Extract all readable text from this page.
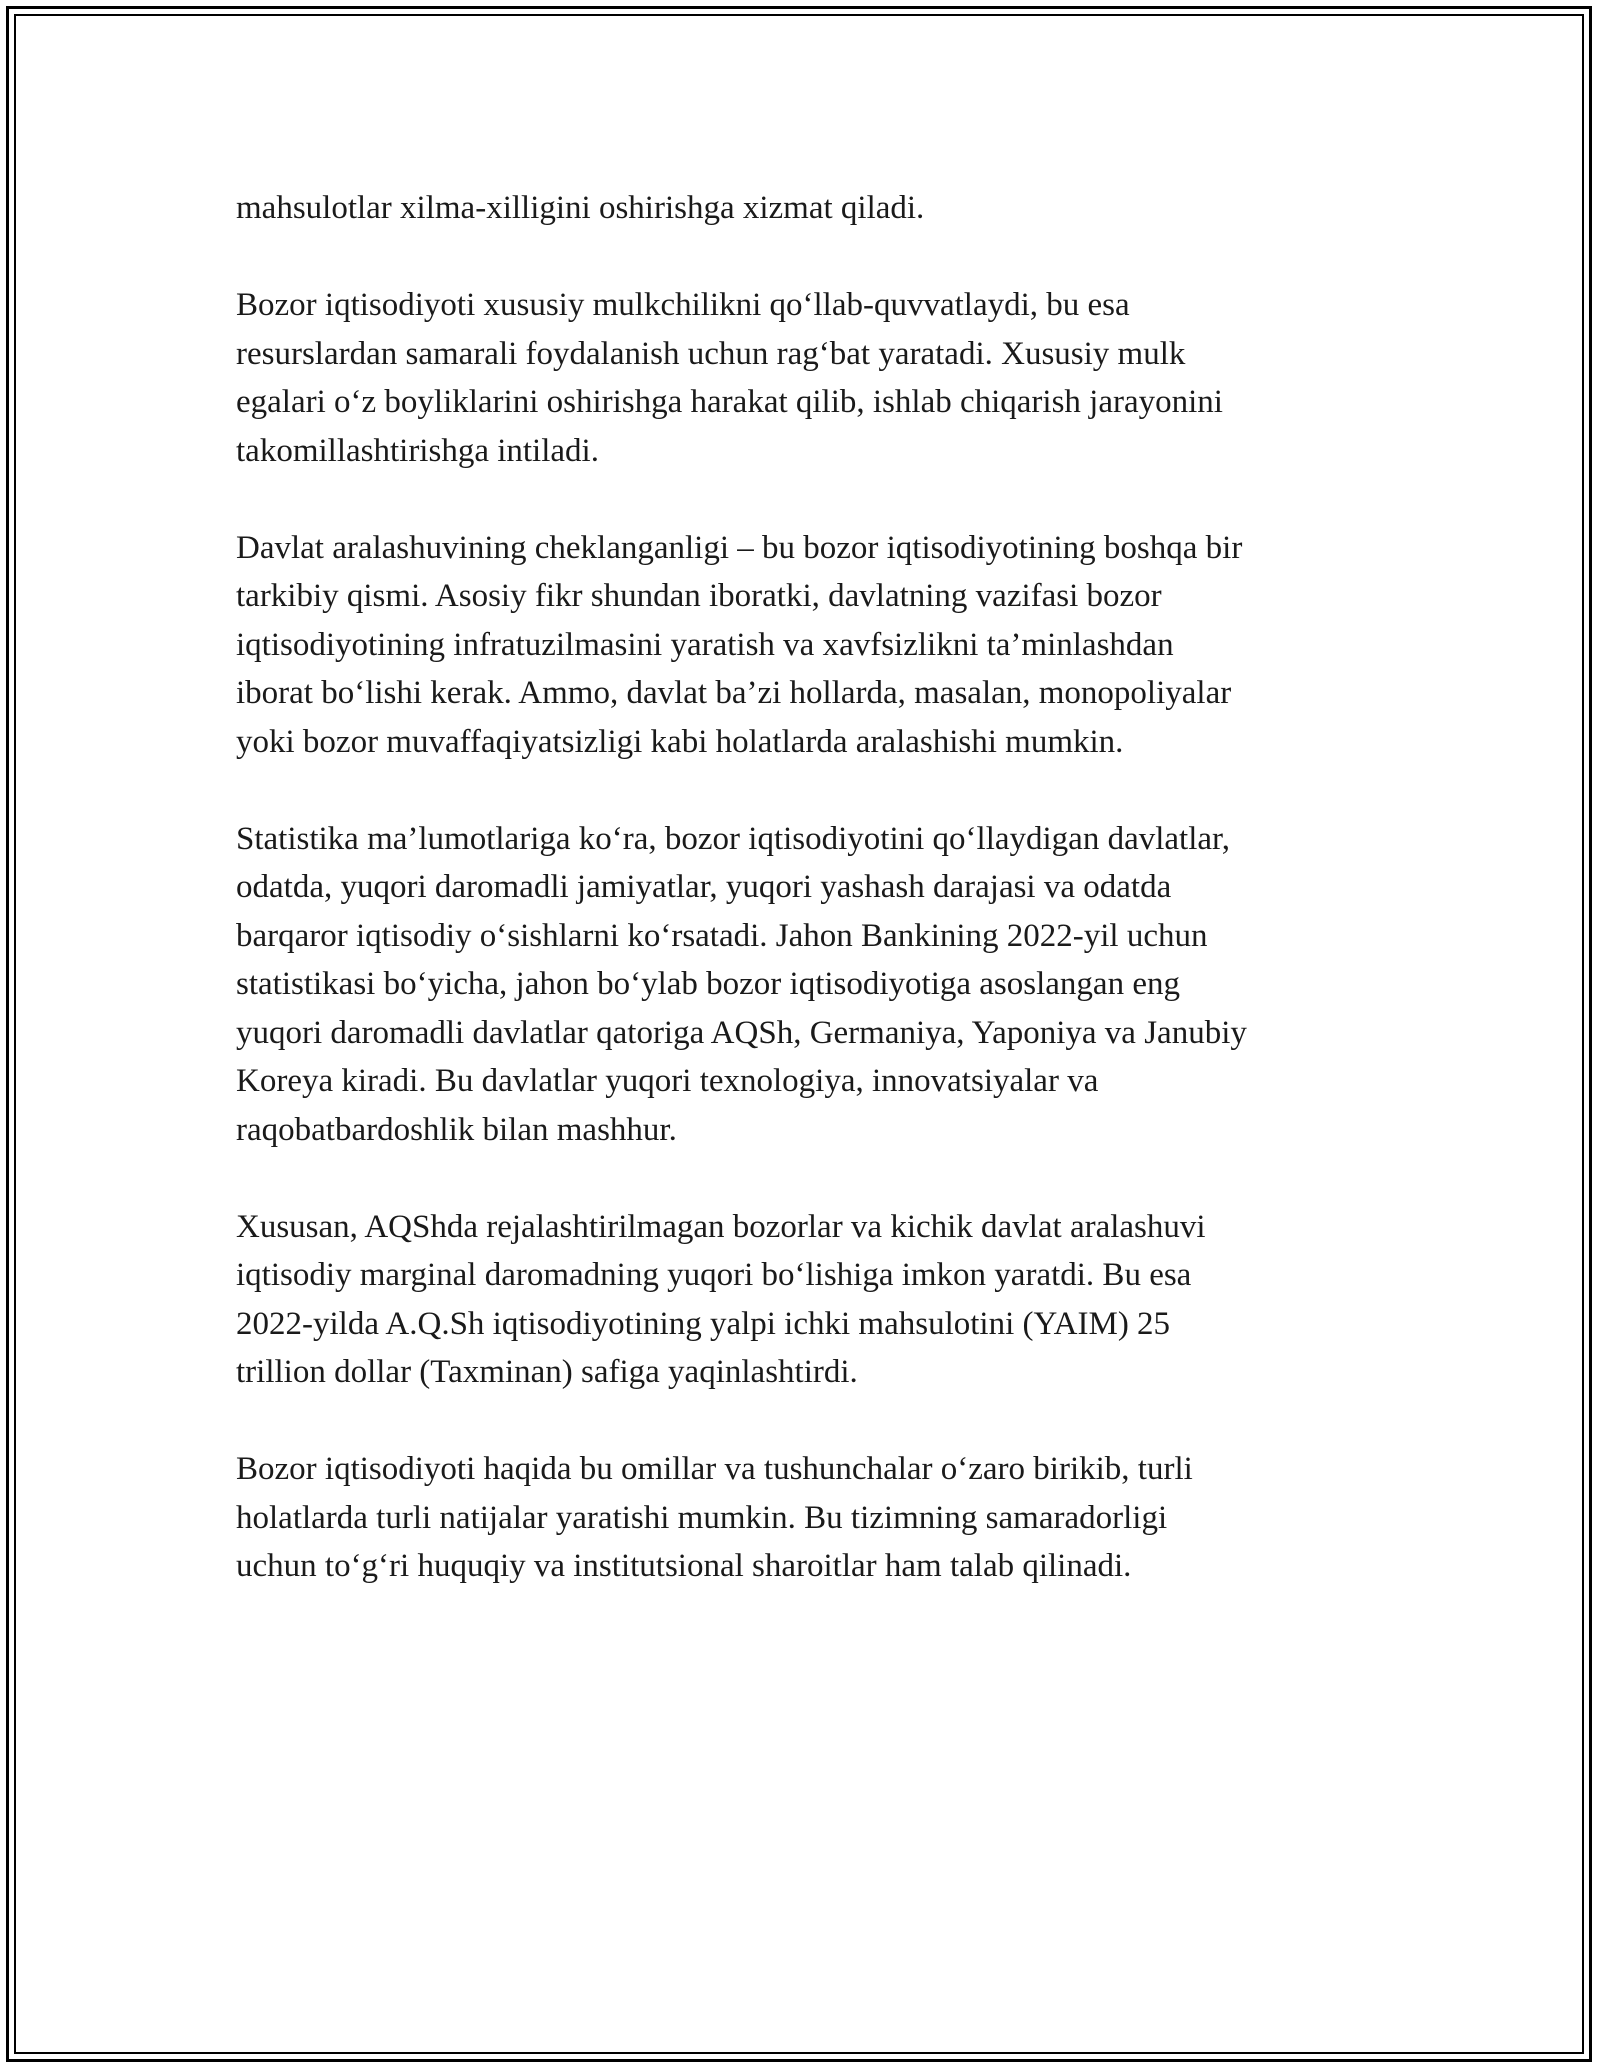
mahsulotlar xilma-xilligini oshirishga xizmat qiladi.

Bozor iqtisodiyoti xususiy mulkchilikni qo‘llab-quvvatlaydi, bu esa
resurslardan samarali foydalanish uchun rag‘bat yaratadi. Xususiy mulk
egalari o‘z boyliklarini oshirishga harakat qilib, ishlab chiqarish jarayonini
takomillashtirishga intiladi.

Davlat aralashuvining cheklanganligi – bu bozor iqtisodiyotining boshqa bir
tarkibiy qismi. Asosiy fikr shundan iboratki, davlatning vazifasi bozor
iqtisodiyotining infratuzilmasini yaratish va xavfsizlikni ta’minlashdan
iborat bo‘lishi kerak. Ammo, davlat ba’zi hollarda, masalan, monopoliyalar
yoki bozor muvaffaqiyatsizligi kabi holatlarda aralashishi mumkin.

Statistika ma’lumotlariga ko‘ra, bozor iqtisodiyotini qo‘llaydigan davlatlar,
odatda, yuqori daromadli jamiyatlar, yuqori yashash darajasi va odatda
barqaror iqtisodiy o‘sishlarni ko‘rsatadi. Jahon Bankining 2022-yil uchun
statistikasi bo‘yicha, jahon bo‘ylab bozor iqtisodiyotiga asoslangan eng
yuqori daromadli davlatlar qatoriga AQSh, Germaniya, Yaponiya va Janubiy
Koreya kiradi. Bu davlatlar yuqori texnologiya, innovatsiyalar va
raqobatbardoshlik bilan mashhur.

Xususan, AQShda rejalashtirilmagan bozorlar va kichik davlat aralashuvi
iqtisodiy marginal daromadning yuqori bo‘lishiga imkon yaratdi. Bu esa
2022-yilda A.Q.Sh iqtisodiyotining yalpi ichki mahsulotini (YAIM) 25
trillion dollar (Taxminan) safiga yaqinlashtirdi.

Bozor iqtisodiyoti haqida bu omillar va tushunchalar o‘zaro birikib, turli
holatlarda turli natijalar yaratishi mumkin. Bu tizimning samaradorligi
uchun to‘g‘ri huquqiy va institutsional sharoitlar ham talab qilinadi.
